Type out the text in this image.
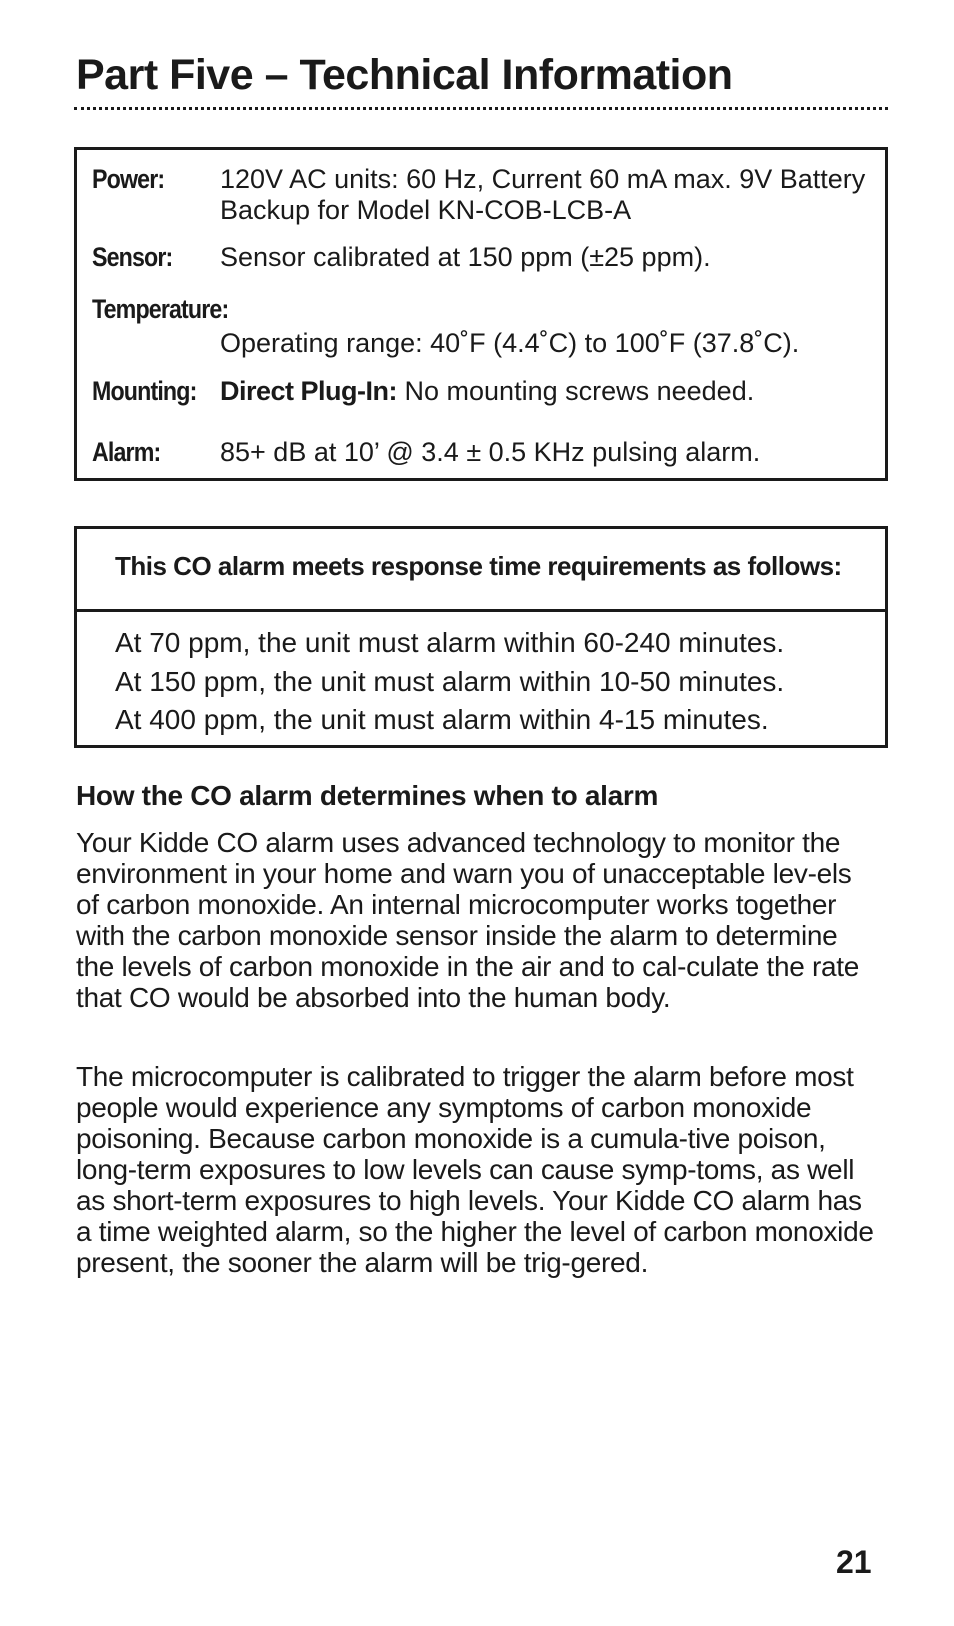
Part Five – Technical Information
Power: 120V AC units: 60 Hz, Current 60 mA max. 9V Battery
Backup for Model KN-COB-LCB-A
Sensor: Sensor calibrated at 150 ppm (±25 ppm).
Temperature:
Operating range: 40˚F (4.4˚C) to 100˚F (37.8˚C).
Mounting: Direct Plug-In: No mounting screws needed.
Alarm: 85+ dB at 10’ @ 3.4 ± 0.5 KHz pulsing alarm.
This CO alarm meets response time requirements as follows:
At 70 ppm, the unit must alarm within 60-240 minutes.
At 150 ppm, the unit must alarm within 10-50 minutes.
At 400 ppm, the unit must alarm within 4-15 minutes.
How the CO alarm determines when to alarm

Your Kidde CO alarm uses advanced technology to monitor the environment in your home and warn you of unacceptable lev-els of carbon monoxide. An internal microcomputer works together with the carbon monoxide sensor inside the alarm to determine the levels of carbon monoxide in the air and to cal-culate the rate that CO would be absorbed into the human body.

The microcomputer is calibrated to trigger the alarm before most people would experience any symptoms of carbon monoxide poisoning. Because carbon monoxide is a cumula-tive poison, long-term exposures to low levels can cause symp-toms, as well as short-term exposures to high levels. Your Kidde CO alarm has a time weighted alarm, so the higher the level of carbon monoxide present, the sooner the alarm will be trig-gered.

21
